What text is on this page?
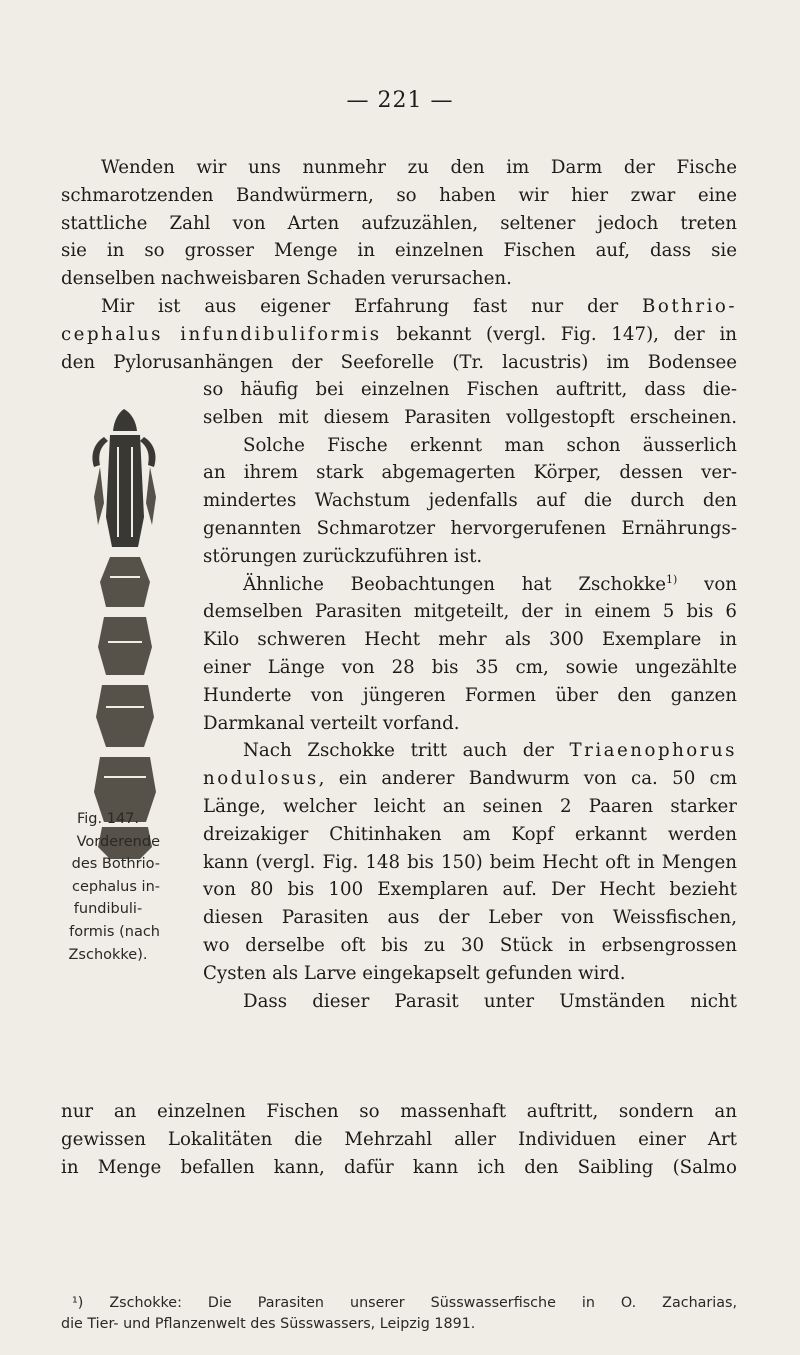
— 221 —
Wenden wir uns nunmehr zu den im Darm der Fische
schmarotzenden Bandwürmern, so haben wir hier zwar eine
stattliche Zahl von Arten aufzuzählen, seltener jedoch treten
sie in so grosser Menge in einzelnen Fischen auf, dass sie
denselben nachweisbaren Schaden verursachen.
Mir ist aus eigener Erfahrung fast nur der Bothrio-
cephalus infundibuliformis bekannt (vergl. Fig. 147), der in
den Pylorusanhängen der Seeforelle (Tr. lacustris) im Bodensee
Fig. 147.
Vorderende
des Bothrio-
cephalus in-
fundibuli-
formis (nach
Zschokke).
so häufig bei einzelnen Fischen auftritt, dass die-
selben mit diesem Parasiten vollgestopft erscheinen.
Solche Fische erkennt man schon äusserlich
an ihrem stark abgemagerten Körper, dessen ver-
mindertes Wachstum jedenfalls auf die durch den
genannten Schmarotzer hervorgerufenen Ernährungs-
störungen zurückzuführen ist.
Ähnliche Beobachtungen hat Zschokke$^{1)}$ von
demselben Parasiten mitgeteilt, der in einem 5 bis 6
Kilo schweren Hecht mehr als 300 Exemplare in
einer Länge von 28 bis 35 cm, sowie ungezählte
Hunderte von jüngeren Formen über den ganzen
Darmkanal verteilt vorfand.
Nach Zschokke tritt auch der Triaenophorus
nodulosus, ein anderer Bandwurm von ca. 50 cm
Länge, welcher leicht an seinen 2 Paaren starker
dreizakiger Chitinhaken am Kopf erkannt werden
kann (vergl. Fig. 148 bis 150) beim Hecht oft in Mengen
von 80 bis 100 Exemplaren auf. Der Hecht bezieht
diesen Parasiten aus der Leber von Weissfischen,
wo derselbe oft bis zu 30 Stück in erbsengrossen
Cysten als Larve eingekapselt gefunden wird.
Dass dieser Parasit unter Umständen nicht
nur an einzelnen Fischen so massenhaft auftritt, sondern an
gewissen Lokalitäten die Mehrzahl aller Individuen einer Art
in Menge befallen kann, dafür kann ich den Saibling (Salmo
¹) Zschokke: Die Parasiten unserer Süsswasserfische in O. Zacharias,
die Tier- und Pflanzenwelt des Süsswassers, Leipzig 1891.
